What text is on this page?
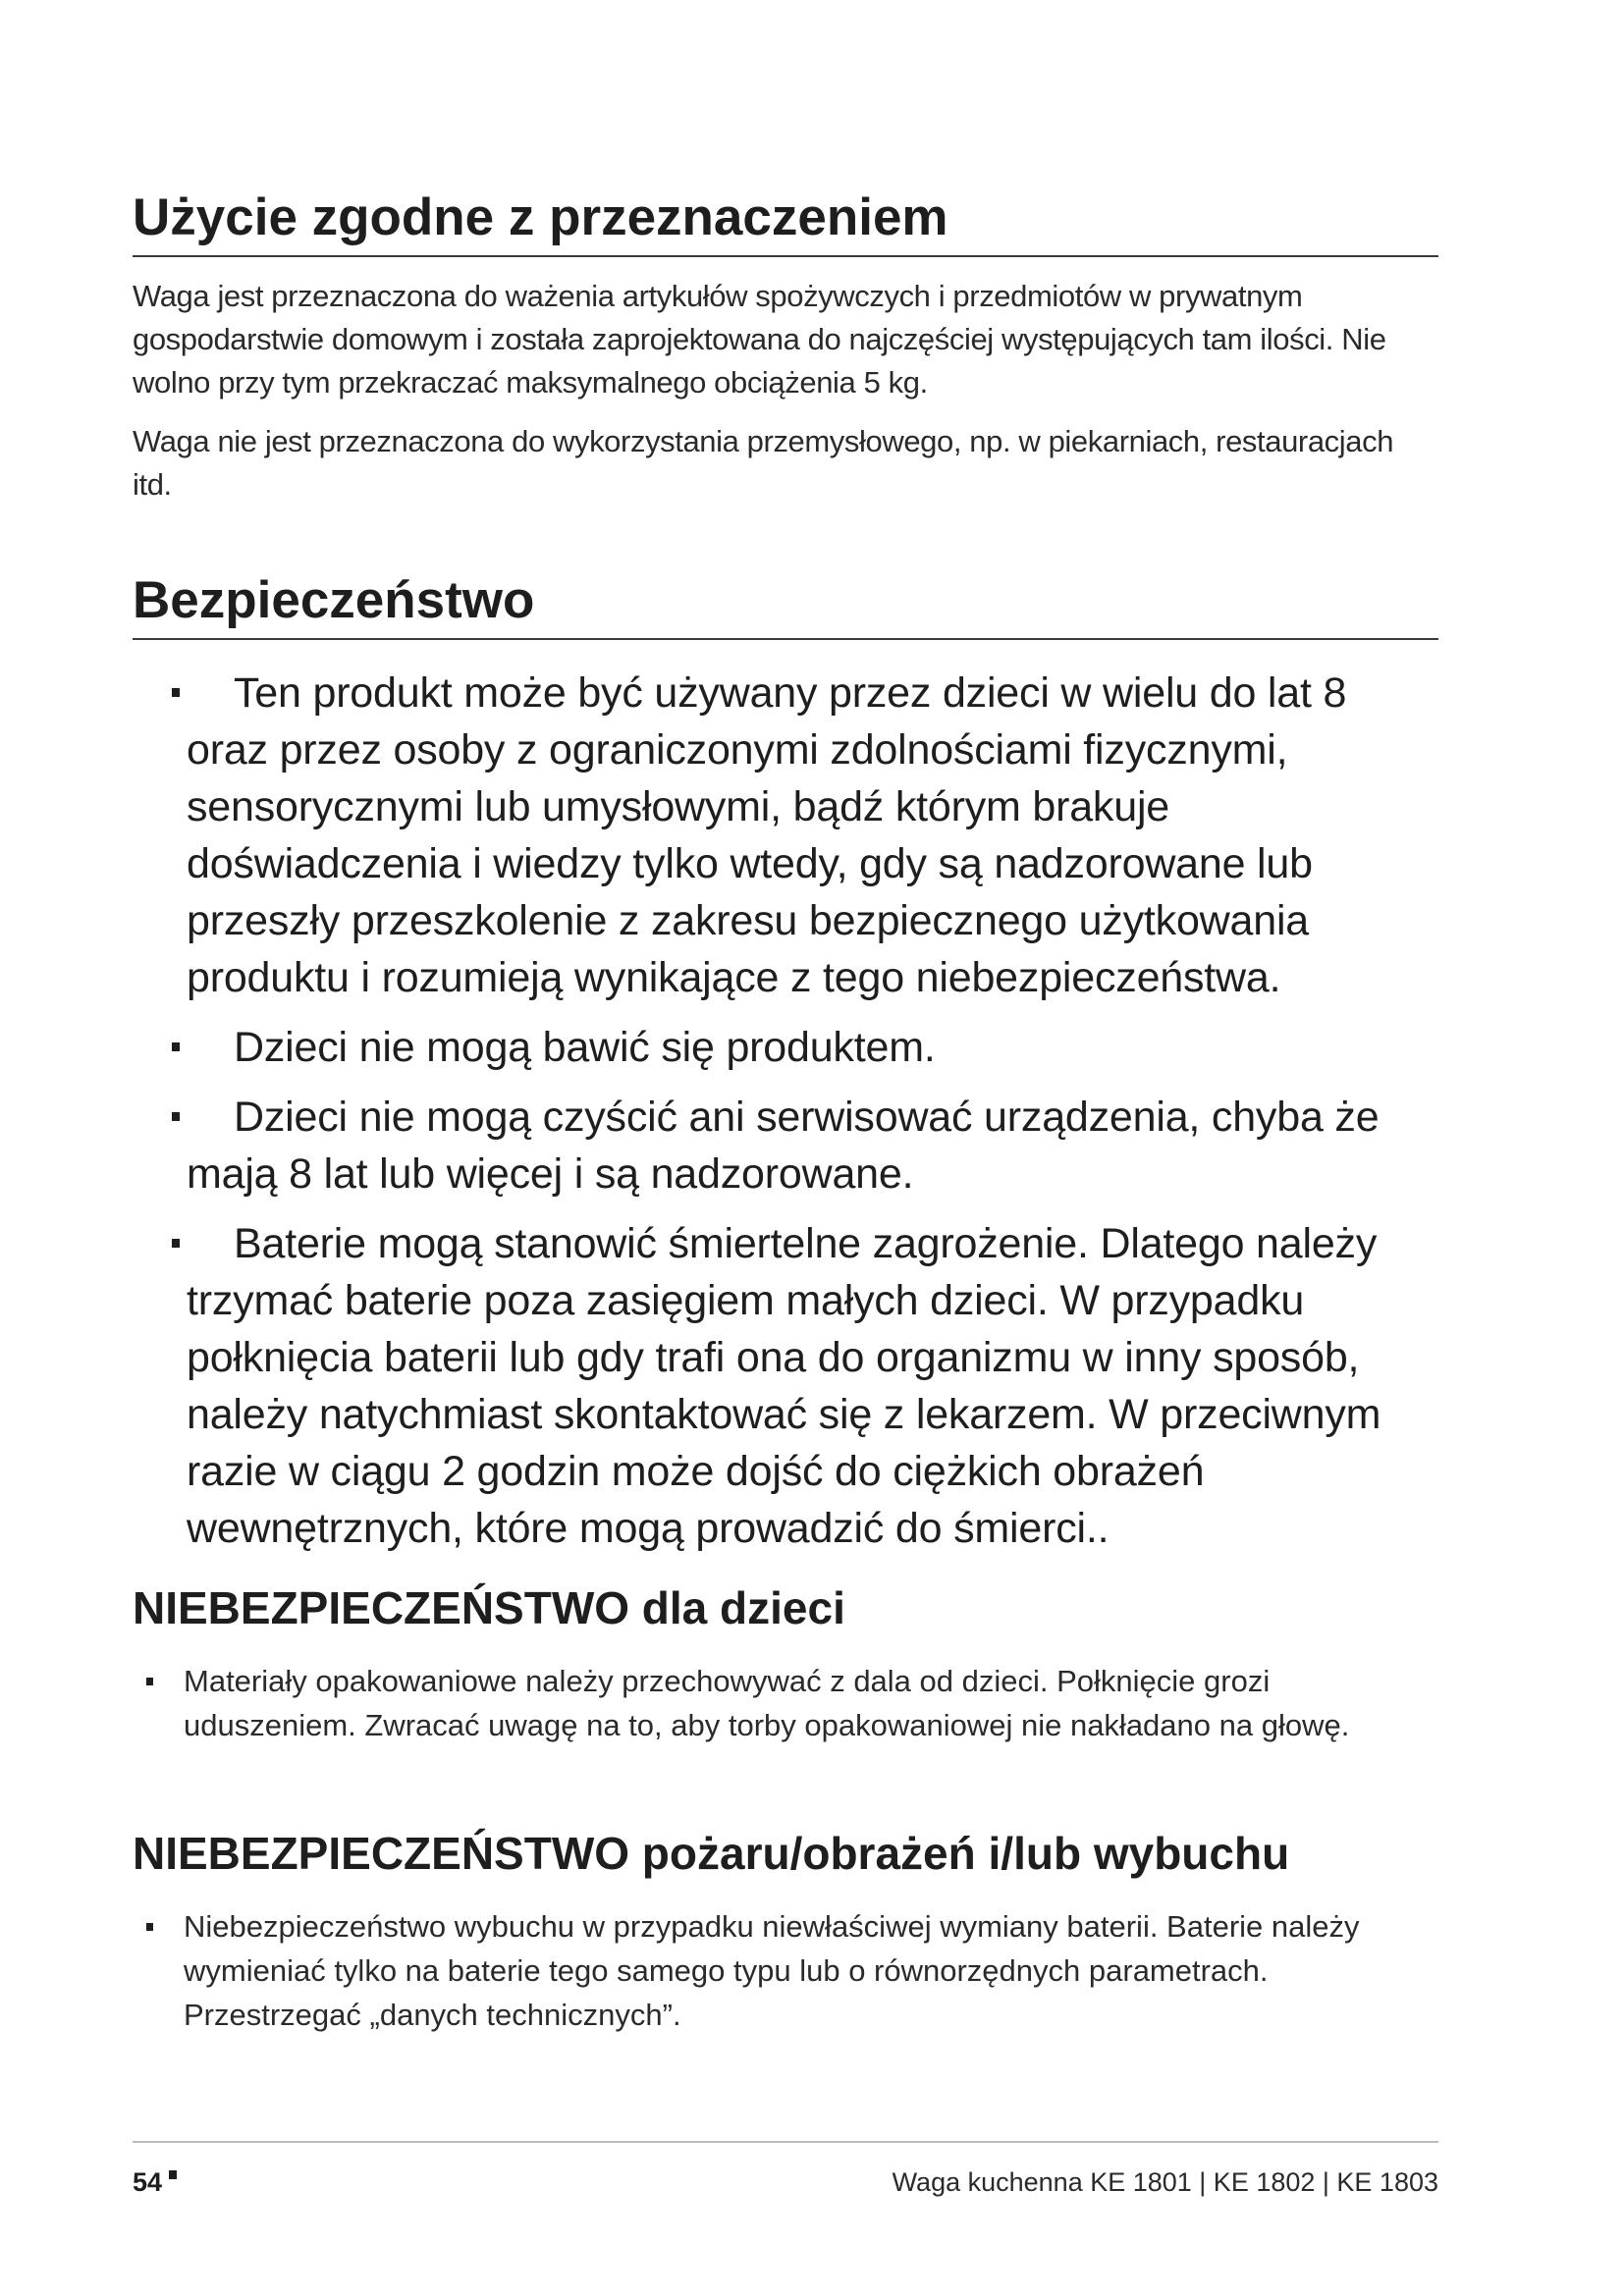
Użycie zgodne z przeznaczeniem

Waga jest przeznaczona do ważenia artykułów spożywczych i przedmiotów w prywatnym gospodarstwie domowym i została zaprojektowana do najczęściej występujących tam ilości. Nie wolno przy tym przekraczać maksymalnego obciążenia 5 kg.

Waga nie jest przeznaczona do wykorzystania przemysłowego, np. w piekarniach, restauracjach itd.

Bezpieczeństwo
Ten produkt może być używany przez dzieci w wielu do lat 8 oraz przez osoby z ograniczonymi zdolnościami fizycznymi, sensorycznymi lub umysłowymi, bądź którym brakuje doświadczenia i wiedzy tylko wtedy, gdy są nadzorowane lub przeszły przeszkolenie z zakresu bezpiecznego użytkowania produktu i rozumieją wynikające z tego niebezpieczeństwa.
Dzieci nie mogą bawić się produktem.
Dzieci nie mogą czyścić ani serwisować urządzenia, chyba że mają 8 lat lub więcej i są nadzorowane.
Baterie mogą stanowić śmiertelne zagrożenie. Dlatego należy trzymać baterie poza zasięgiem małych dzieci. W przypadku połknięcia baterii lub gdy trafi ona do organizmu w inny sposób, należy natychmiast skontaktować się z lekarzem. W przeciwnym razie w ciągu 2 godzin może dojść do ciężkich obrażeń wewnętrznych, które mogą prowadzić do śmierci..
NIEBEZPIECZEŃSTWO dla dzieci
Materiały opakowaniowe należy przechowywać z dala od dzieci. Połknięcie grozi uduszeniem. Zwracać uwagę na to, aby torby opakowaniowej nie nakładano na głowę.
NIEBEZPIECZEŃSTWO pożaru/obrażeń i/lub wybuchu
Niebezpieczeństwo wybuchu w przypadku niewłaściwej wymiany baterii. Baterie należy wymieniać tylko na baterie tego samego typu lub o równorzędnych parametrach. Przestrzegać „danych technicznych”.
54	Waga kuchenna KE 1801 | KE 1802 | KE 1803
